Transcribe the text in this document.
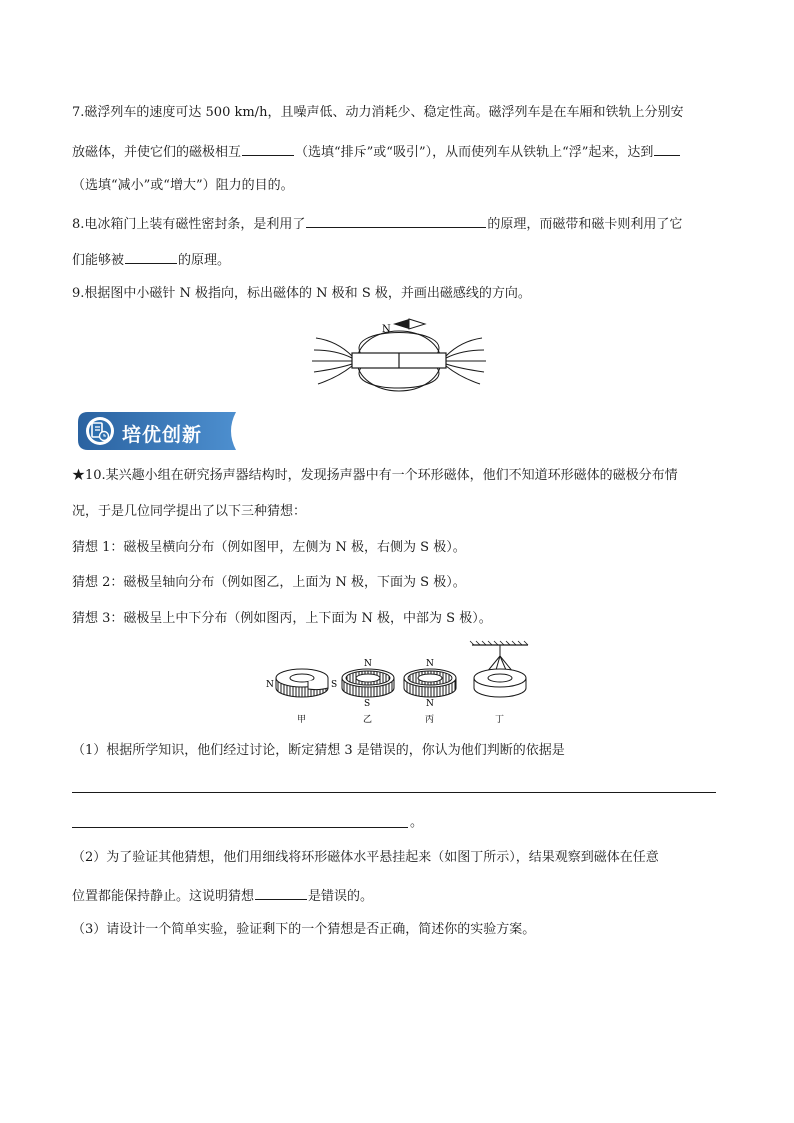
7.磁浮列车的速度可达 500 km/h，且噪声低、动力消耗少、稳定性高。磁浮列车是在车厢和铁轨上分别安
放磁体，并使它们的磁极相互	（选填“排斥”或“吸引”），从而使列车从铁轨上“浮”起来，达到
（选填“减小”或“增大”）阻力的目的。
8.电冰箱门上装有磁性密封条，是利用了	的原理，而磁带和磁卡则利用了它
们能够被	的原理。
9.根据图中小磁针 N 极指向，标出磁体的 N 极和 S 极，并画出磁感线的方向。
N
培优创新
★10.某兴趣小组在研究扬声器结构时，发现扬声器中有一个环形磁体，他们不知道环形磁体的磁极分布情
况，于是几位同学提出了以下三种猜想：
猜想 1：磁极呈横向分布（例如图甲，左侧为 N 极，右侧为 S 极）。
猜想 2：磁极呈轴向分布（例如图乙，上面为 N 极，下面为 S 极）。
猜想 3：磁极呈上中下分布（例如图丙，上下面为 N 极，中部为 S 极）。
N	S
甲
N
S
乙
N
N
丙	丁
（1）根据所学知识，他们经过讨论，断定猜想 3 是错误的，你认为他们判断的依据是
。
（2）为了验证其他猜想，他们用细线将环形磁体水平悬挂起来（如图丁所示），结果观察到磁体在任意
位置都能保持静止。这说明猜想	是错误的。
（3）请设计一个简单实验，验证剩下的一个猜想是否正确，简述你的实验方案。
